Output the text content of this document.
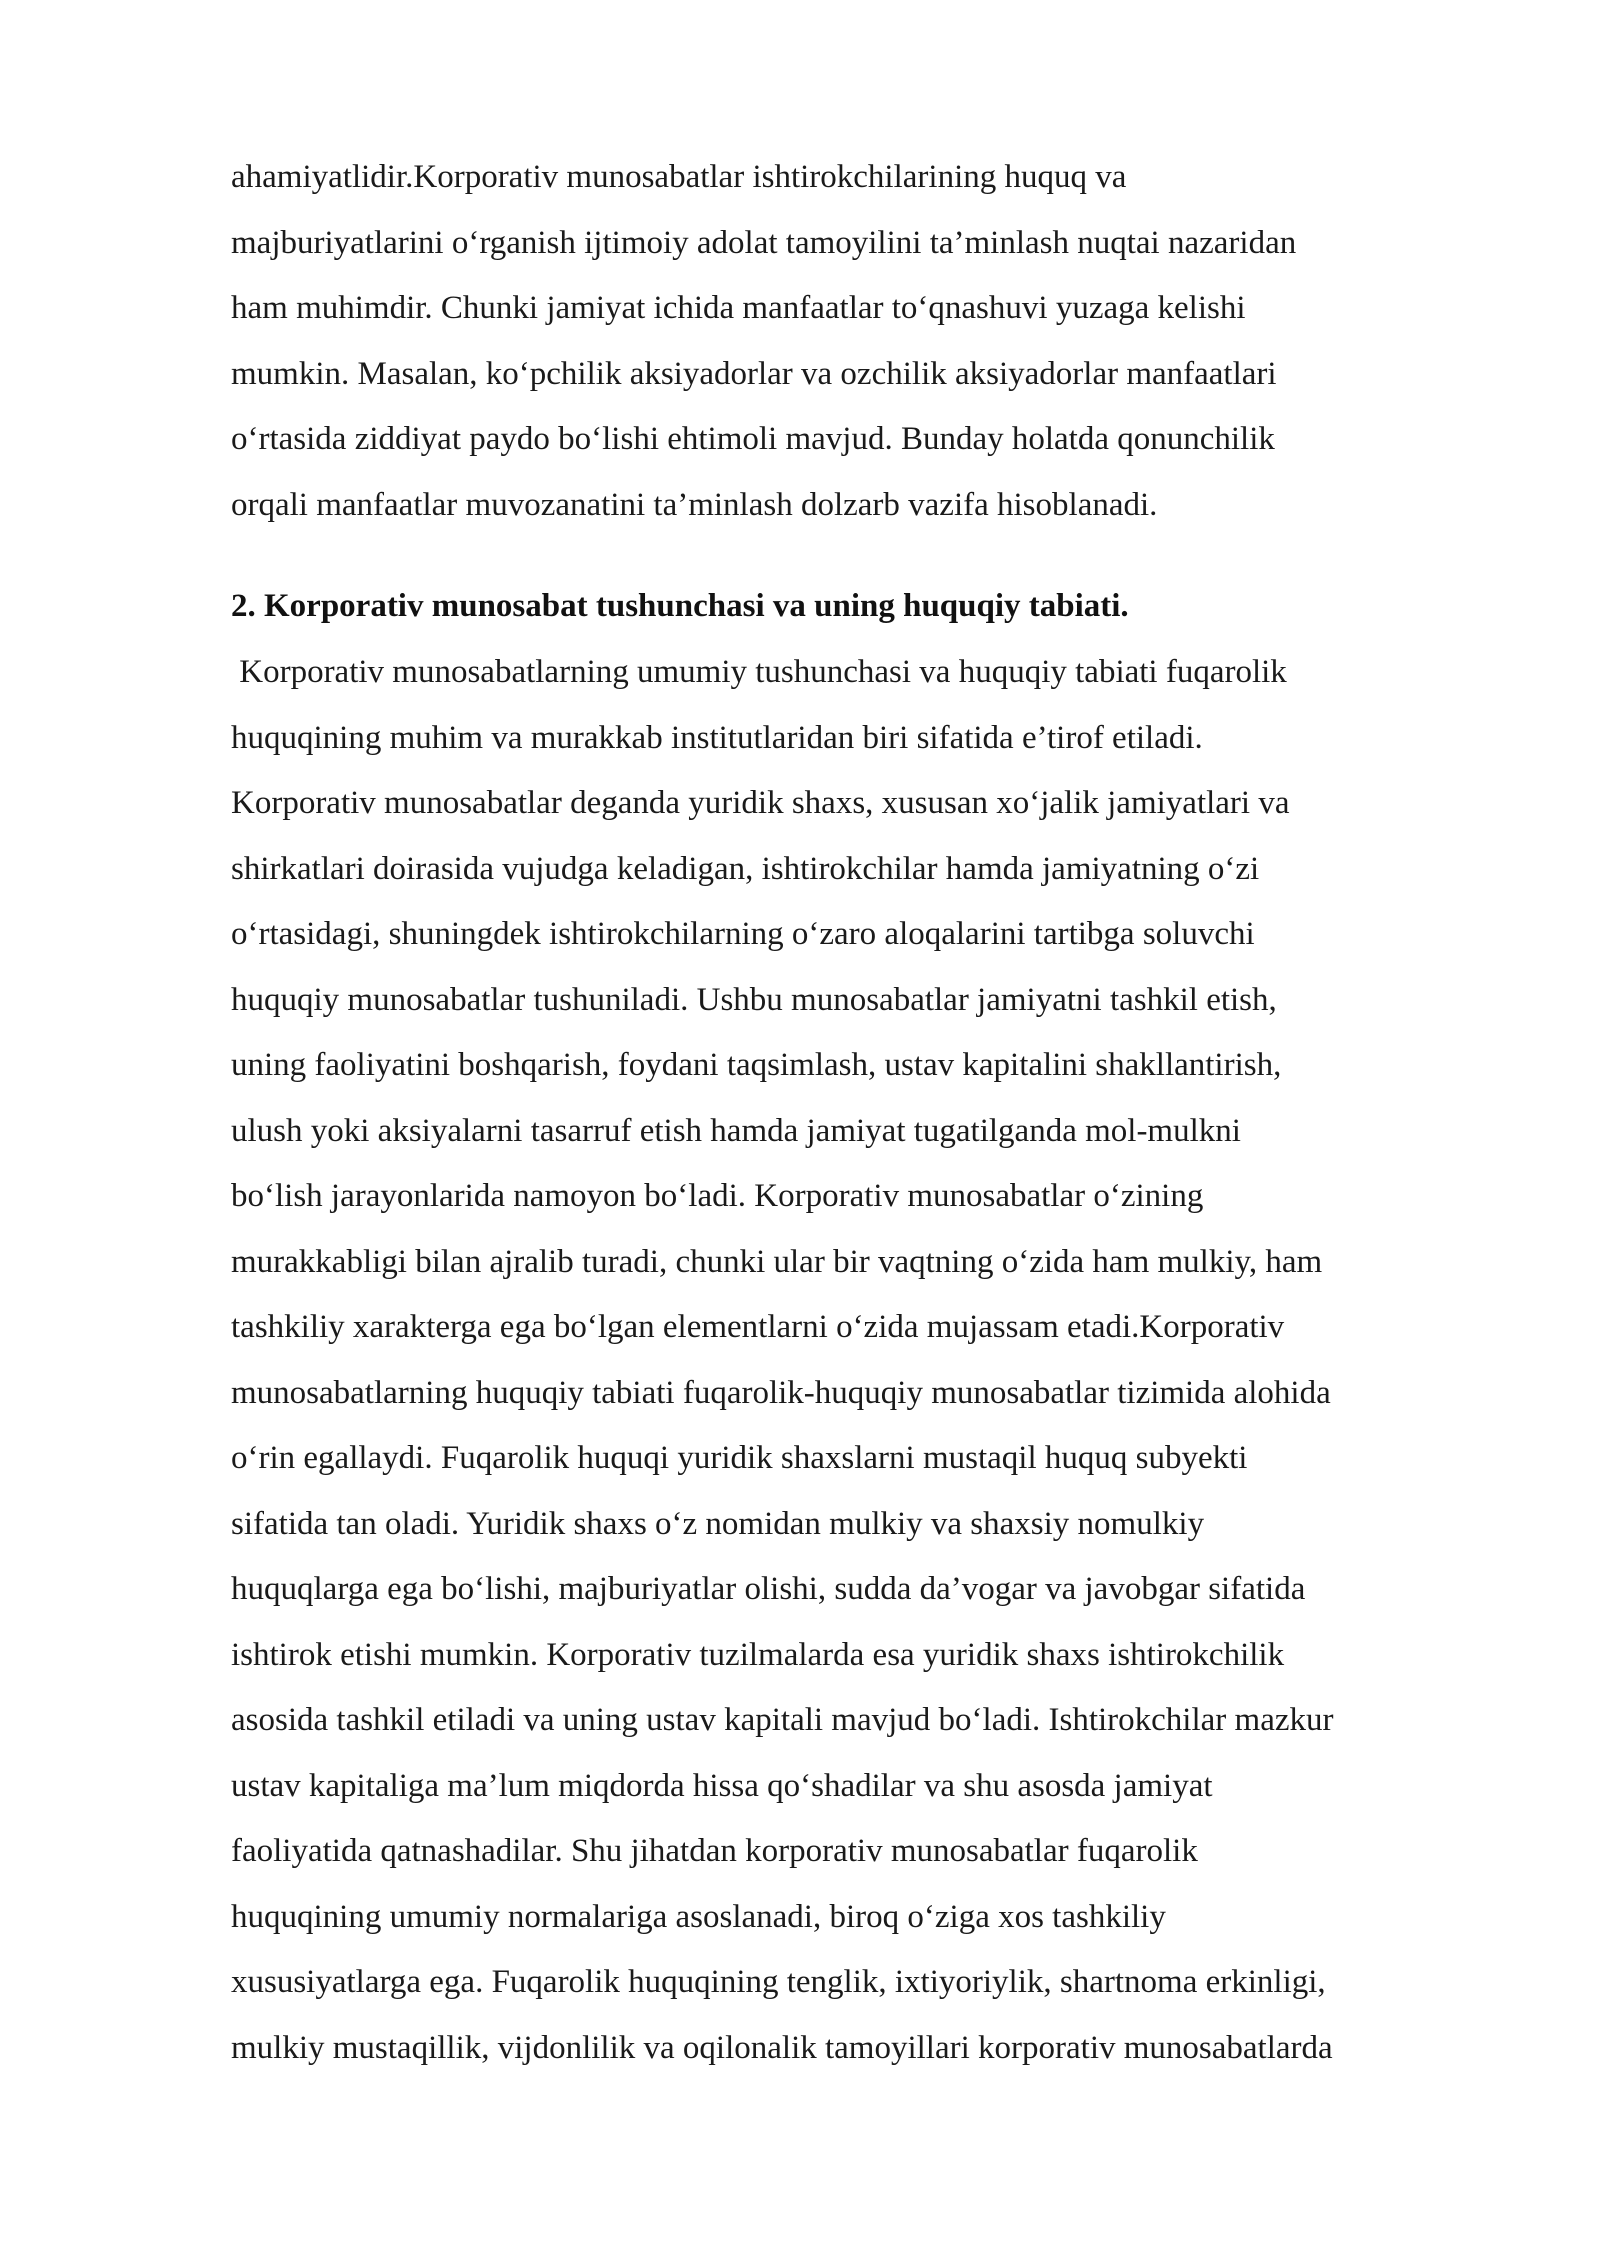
ahamiyatlidir.Korporativ munosabatlar ishtirokchilarining huquq va
majburiyatlarini o‘rganish ijtimoiy adolat tamoyilini ta’minlash nuqtai nazaridan
ham muhimdir. Chunki jamiyat ichida manfaatlar to‘qnashuvi yuzaga kelishi
mumkin. Masalan, ko‘pchilik aksiyadorlar va ozchilik aksiyadorlar manfaatlari
o‘rtasida ziddiyat paydo bo‘lishi ehtimoli mavjud. Bunday holatda qonunchilik
orqali manfaatlar muvozanatini ta’minlash dolzarb vazifa hisoblanadi.

2. Korporativ munosabat tushunchasi va uning huquqiy tabiati.

Korporativ munosabatlarning umumiy tushunchasi va huquqiy tabiati fuqarolik
huquqining muhim va murakkab institutlaridan biri sifatida e’tirof etiladi.
Korporativ munosabatlar deganda yuridik shaxs, xususan xo‘jalik jamiyatlari va
shirkatlari doirasida vujudga keladigan, ishtirokchilar hamda jamiyatning o‘zi
o‘rtasidagi, shuningdek ishtirokchilarning o‘zaro aloqalarini tartibga soluvchi
huquqiy munosabatlar tushuniladi. Ushbu munosabatlar jamiyatni tashkil etish,
uning faoliyatini boshqarish, foydani taqsimlash, ustav kapitalini shakllantirish,
ulush yoki aksiyalarni tasarruf etish hamda jamiyat tugatilganda mol-mulkni
bo‘lish jarayonlarida namoyon bo‘ladi. Korporativ munosabatlar o‘zining
murakkabligi bilan ajralib turadi, chunki ular bir vaqtning o‘zida ham mulkiy, ham
tashkiliy xarakterga ega bo‘lgan elementlarni o‘zida mujassam etadi.Korporativ
munosabatlarning huquqiy tabiati fuqarolik-huquqiy munosabatlar tizimida alohida
o‘rin egallaydi. Fuqarolik huquqi yuridik shaxslarni mustaqil huquq subyekti
sifatida tan oladi. Yuridik shaxs o‘z nomidan mulkiy va shaxsiy nomulkiy
huquqlarga ega bo‘lishi, majburiyatlar olishi, sudda da’vogar va javobgar sifatida
ishtirok etishi mumkin. Korporativ tuzilmalarda esa yuridik shaxs ishtirokchilik
asosida tashkil etiladi va uning ustav kapitali mavjud bo‘ladi. Ishtirokchilar mazkur
ustav kapitaliga ma’lum miqdorda hissa qo‘shadilar va shu asosda jamiyat
faoliyatida qatnashadilar. Shu jihatdan korporativ munosabatlar fuqarolik
huquqining umumiy normalariga asoslanadi, biroq o‘ziga xos tashkiliy
xususiyatlarga ega. Fuqarolik huquqining tenglik, ixtiyoriylik, shartnoma erkinligi,
mulkiy mustaqillik, vijdonlilik va oqilonalik tamoyillari korporativ munosabatlarda
